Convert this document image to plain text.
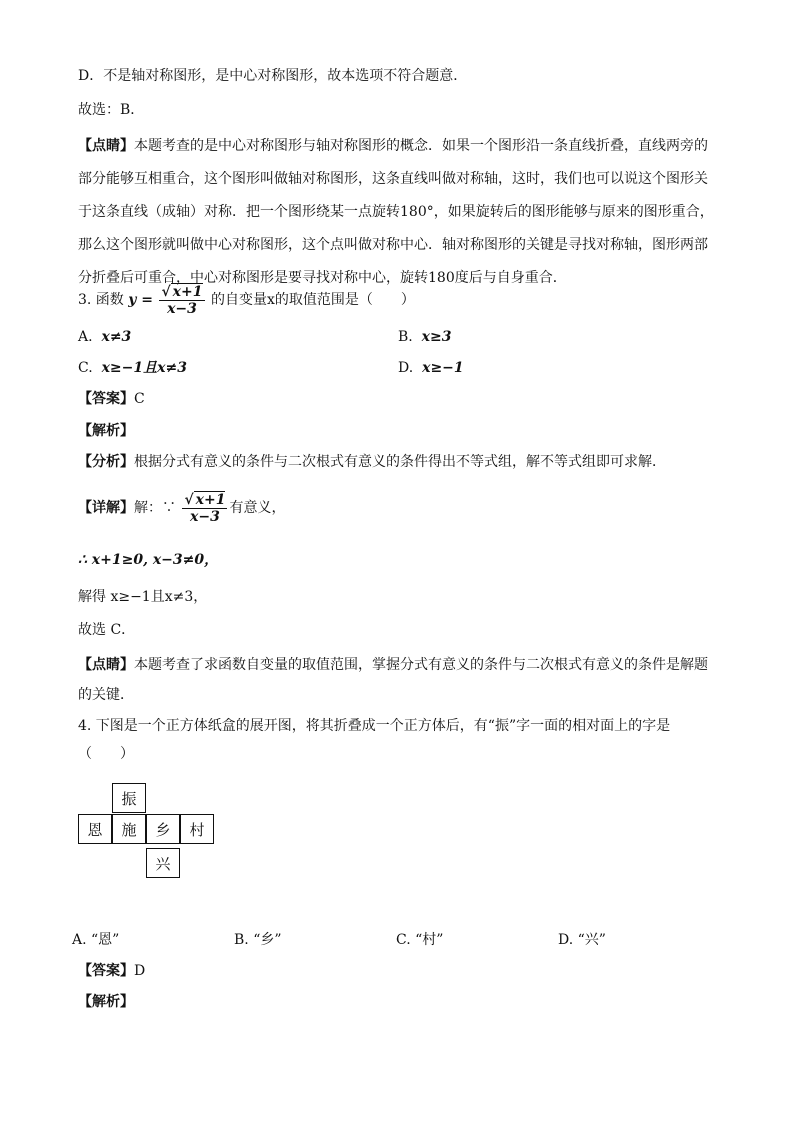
D．不是轴对称图形，是中心对称图形，故本选项不符合题意．
故选：B．
【点睛】本题考查的是中心对称图形与轴对称图形的概念．如果一个图形沿一条直线折叠，直线两旁的部分能够互相重合，这个图形叫做轴对称图形，这条直线叫做对称轴，这时，我们也可以说这个图形关于这条直线（成轴）对称．把一个图形绕某一点旋转180°，如果旋转后的图形能够与原来的图形重合，那么这个图形就叫做中心对称图形，这个点叫做对称中心．轴对称图形的关键是寻找对称轴，图形两部分折叠后可重合，中心对称图形是要寻找对称中心，旋转180度后与自身重合．
3. 函数 $y = \frac{√ x+1}{x-3}$ 的自变量x的取值范围是（　　）
A. x≠3	B. x≥3
C. x≥−1且x≠3	D. x≥−1
【答案】C
【解析】
【分析】根据分式有意义的条件与二次根式有意义的条件得出不等式组，解不等式组即可求解．
【详解】解：∵ $\frac{√ x+1}{x-3}$ 有意义，
∴ x+1≥0, x−3≠0，
解得 x≥−1且x≠3，
故选 C．
【点睛】本题考查了求函数自变量的取值范围，掌握分式有意义的条件与二次根式有意义的条件是解题的关键．
4. 下图是一个正方体纸盒的展开图，将其折叠成一个正方体后，有“振”字一面的相对面上的字是（　　）
振
恩	施	乡	村
兴
A. “恩”	B. “乡”	C. “村”	D. “兴”
【答案】D
【解析】
